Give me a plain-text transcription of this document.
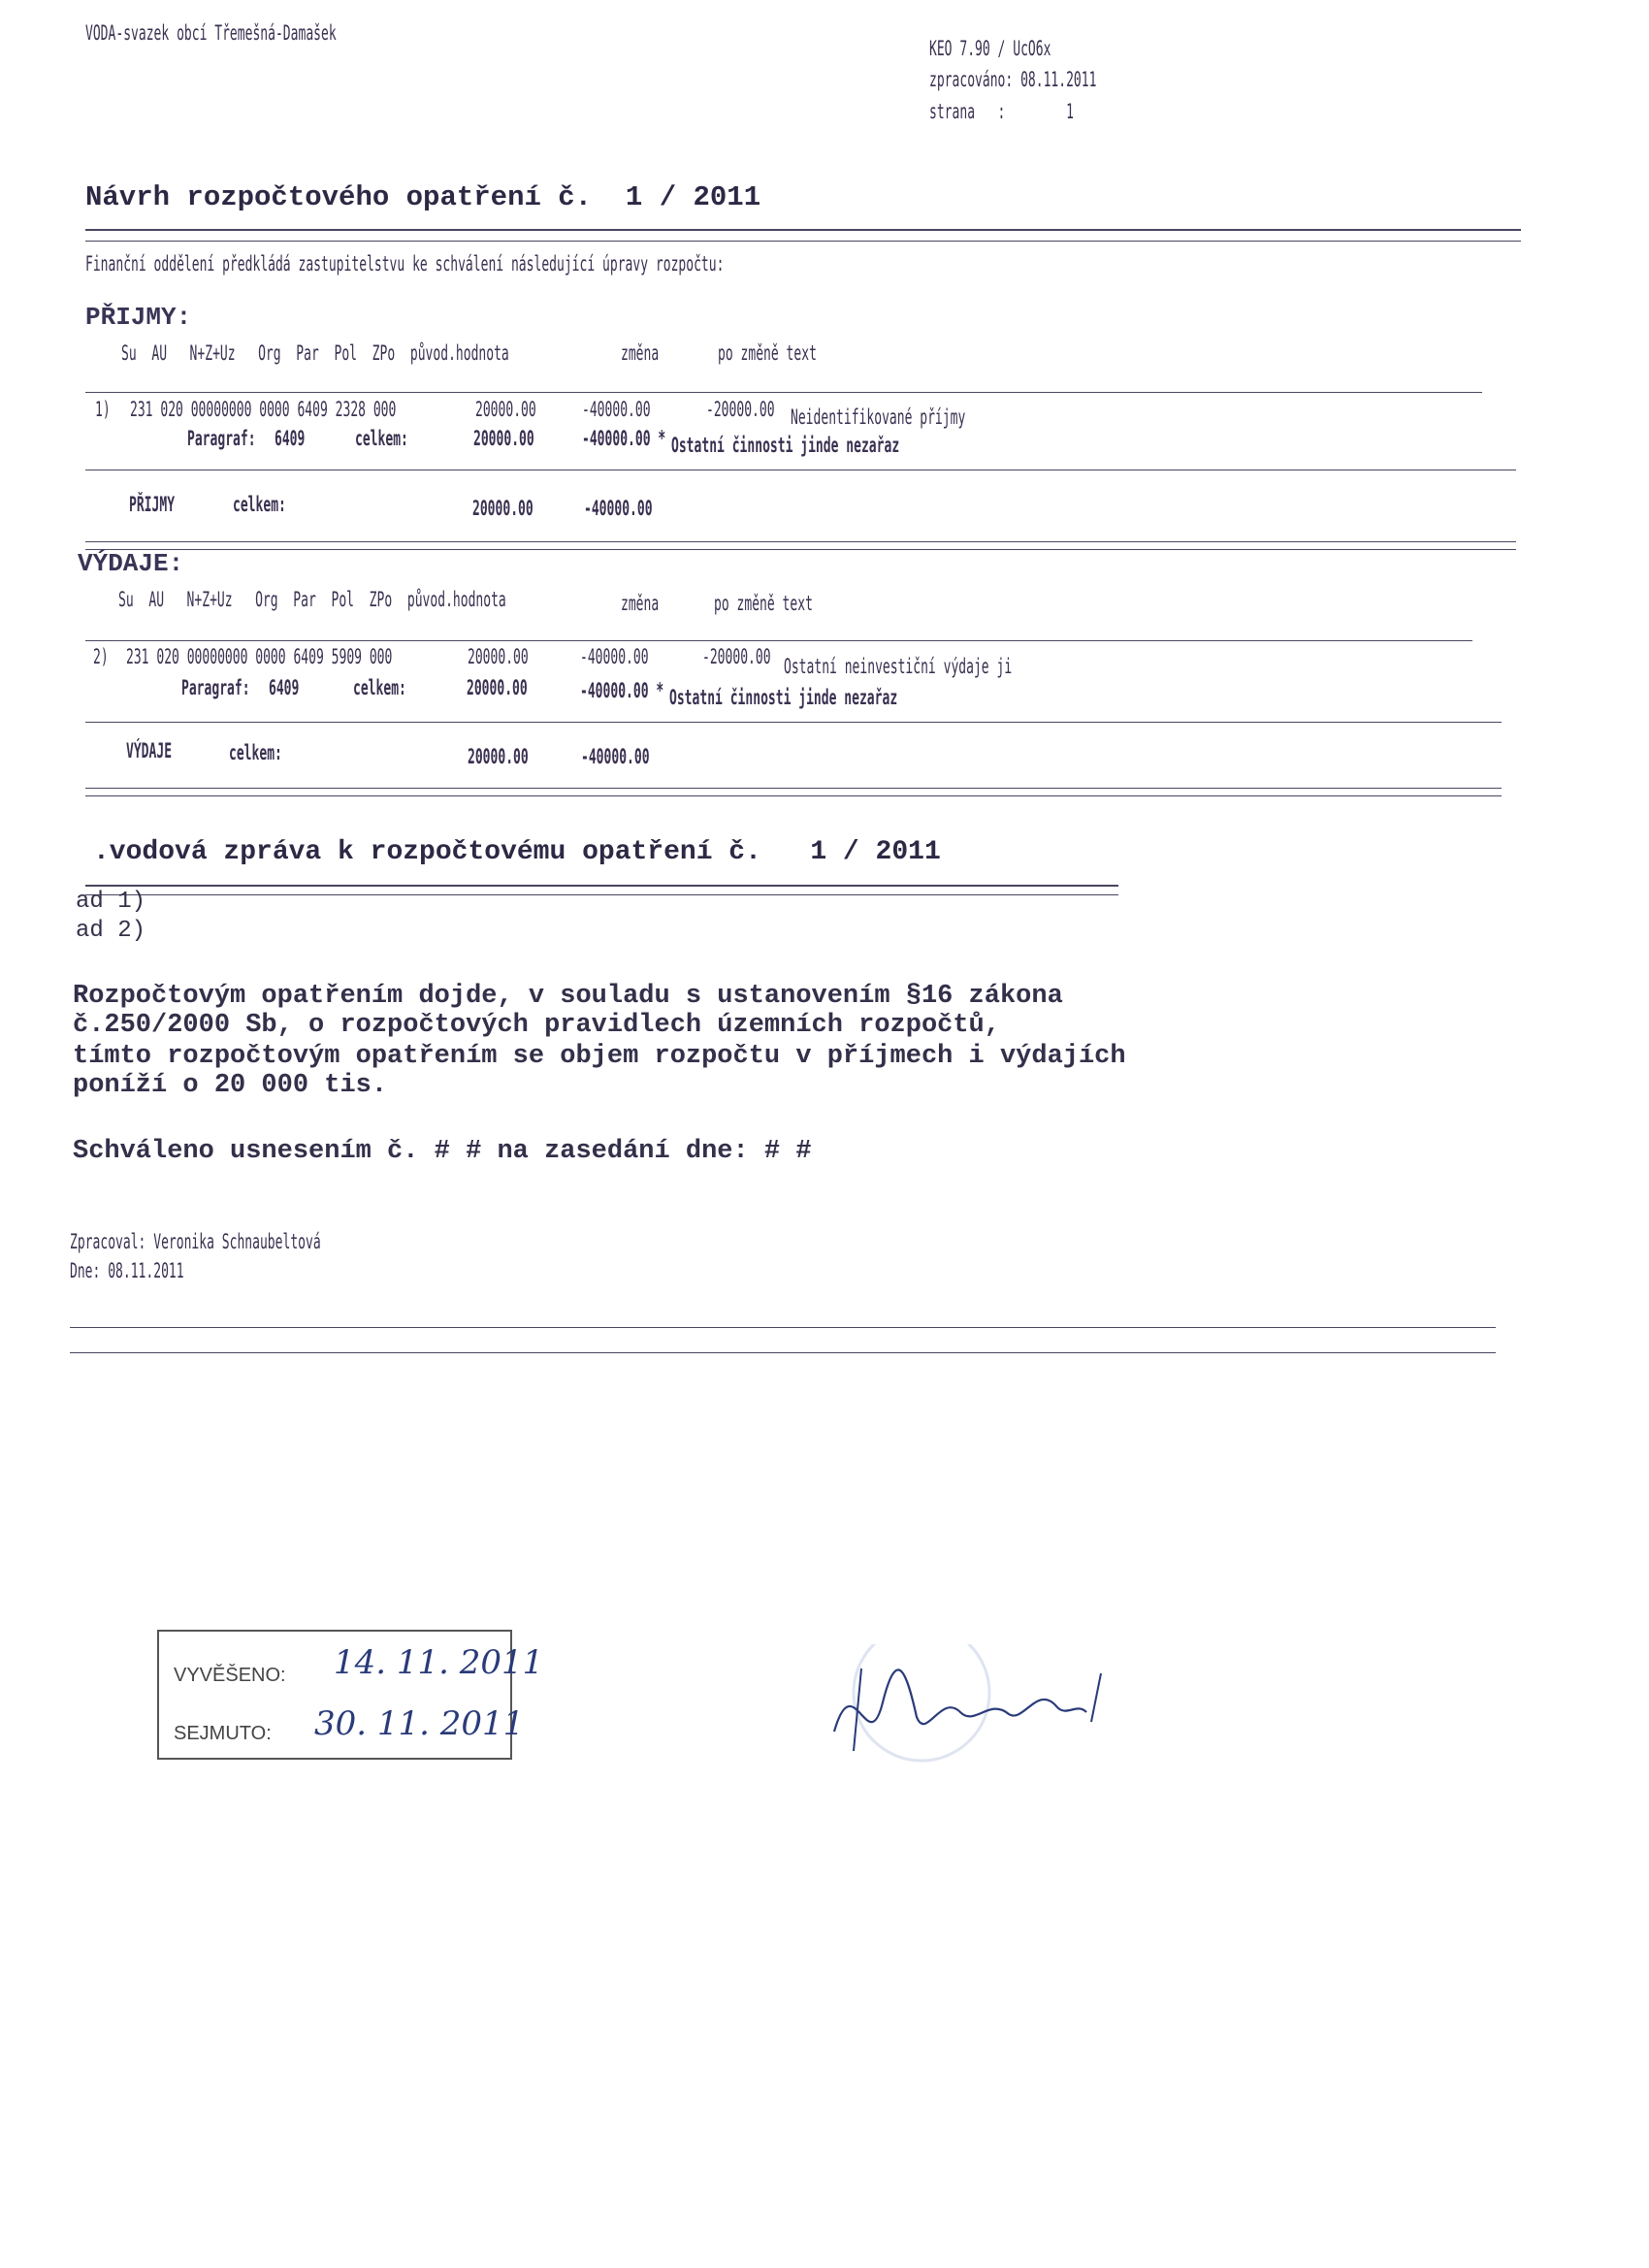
VODA-svazek obcí Třemešná-Damašek
KEO 7.90 / UcO6x
zpracováno: 08.11.2011
strana   :        1
Návrh rozpočtového opatření č.  1 / 2011
Finanční oddělení předkládá zastupitelstvu ke schválení následující úpravy rozpočtu:
PŘIJMY:
Su  AU   N+Z+Uz   Org  Par  Pol  ZPo  původ.hodnota	změna	po změně text
1) 231 020 00000000 0000 6409 2328 000	20000.00 -40000.00	-20000.00 Neidentifikované příjmy
Paragraf: 6409 celkem:	20000.00 -40000.00 * Ostatní činnosti jinde nezařaz
PŘIJMY	celkem:	20000.00 -40000.00
VÝDAJE:
Su  AU   N+Z+Uz   Org  Par  Pol  ZPo  původ.hodnota	změna	po změně text
2) 231 020 00000000 0000 6409 5909 000	20000.00	-40000.00	-20000.00 Ostatní neinvestiční výdaje ji
Paragraf: 6409	celkem:	20000.00	-40000.00 * Ostatní činnosti jinde nezařaz
VÝDAJE	celkem:	20000.00	-40000.00
.vodová zpráva k rozpočtovému opatření č.   1 / 2011
ad 1)
ad 2)
Rozpočtovým opatřením dojde, v souladu s ustanovením §16 zákona
č.250/2000 Sb, o rozpočtových pravidlech územních rozpočtů,
tímto rozpočtovým opatřením se objem rozpočtu v příjmech i výdajích
poníží o 20 000 tis.
Schváleno usnesením č. # # na zasedání dne: # #
Zpracoval: Veronika Schnaubeltová
Dne: 08.11.2011
VYVĚŠENO: 14. 11. 2011
SEJMUTO: 30. 11. 2011
